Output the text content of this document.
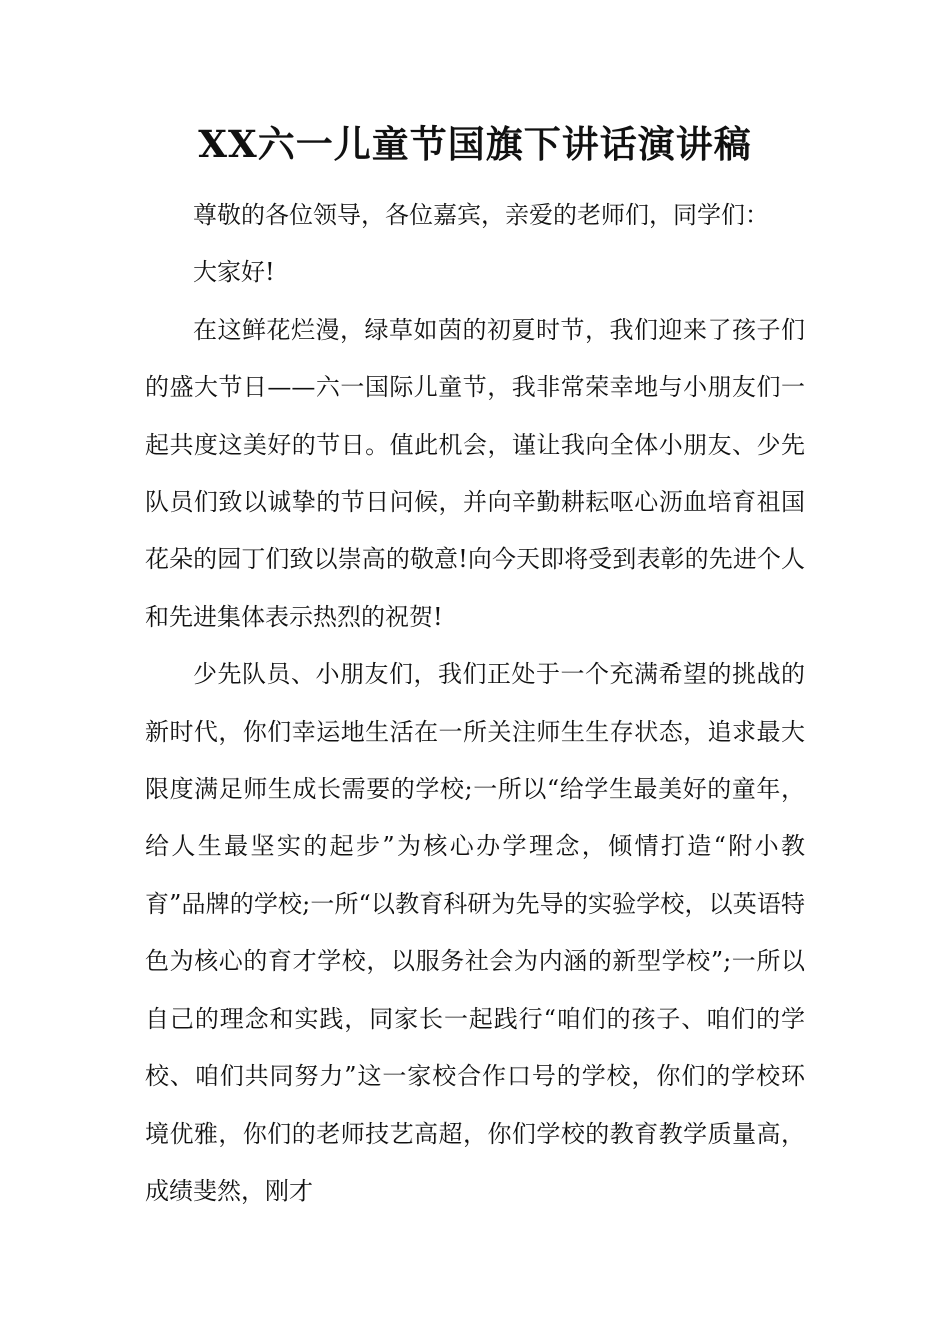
XX六一儿童节国旗下讲话演讲稿

尊敬的各位领导，各位嘉宾，亲爱的老师们，同学们：

大家好!

在这鲜花烂漫，绿草如茵的初夏时节，我们迎来了孩子们的盛大节日——六一国际儿童节，我非常荣幸地与小朋友们一起共度这美好的节日。值此机会，谨让我向全体小朋友、少先队员们致以诚挚的节日问候，并向辛勤耕耘呕心沥血培育祖国花朵的园丁们致以崇高的敬意!向今天即将受到表彰的先进个人和先进集体表示热烈的祝贺!

少先队员、小朋友们，我们正处于一个充满希望的挑战的新时代，你们幸运地生活在一所关注师生生存状态，追求最大限度满足师生成长需要的学校;一所以“给学生最美好的童年，给人生最坚实的起步”为核心办学理念，倾情打造“附小教育”品牌的学校;一所“以教育科研为先导的实验学校，以英语特色为核心的育才学校，以服务社会为内涵的新型学校”;一所以自己的理念和实践，同家长一起践行“咱们的孩子、咱们的学校、咱们共同努力”这一家校合作口号的学校，你们的学校环境优雅，你们的老师技艺高超，你们学校的教育教学质量高，成绩斐然，刚才
